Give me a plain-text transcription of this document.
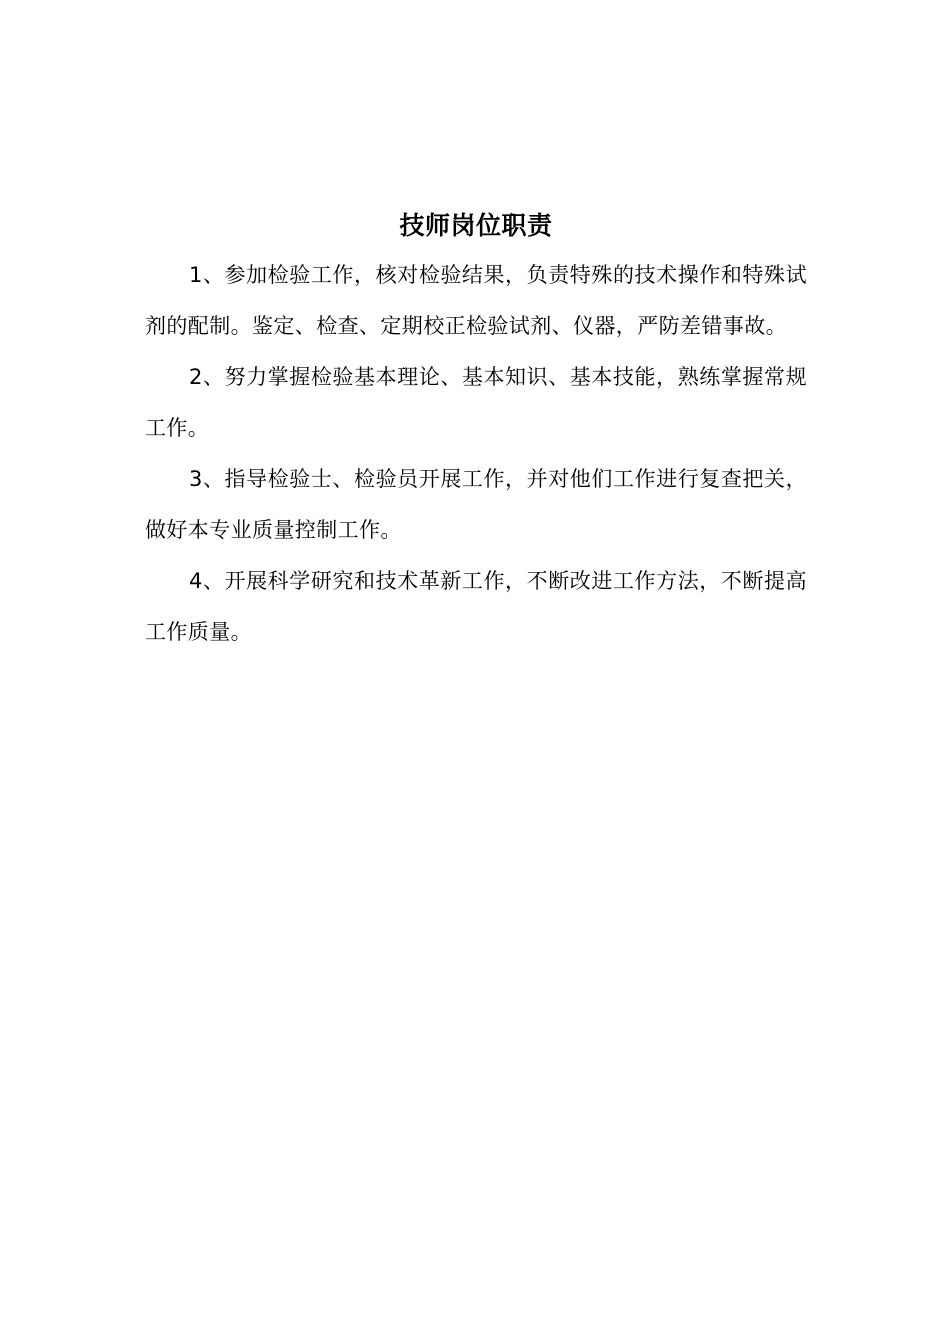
技师岗位职责

1、参加检验工作，核对检验结果，负责特殊的技术操作和特殊试剂的配制。鉴定、检查、定期校正检验试剂、仪器，严防差错事故。

2、努力掌握检验基本理论、基本知识、基本技能，熟练掌握常规工作。

3、指导检验士、检验员开展工作，并对他们工作进行复查把关，做好本专业质量控制工作。

4、开展科学研究和技术革新工作，不断改进工作方法，不断提高工作质量。
